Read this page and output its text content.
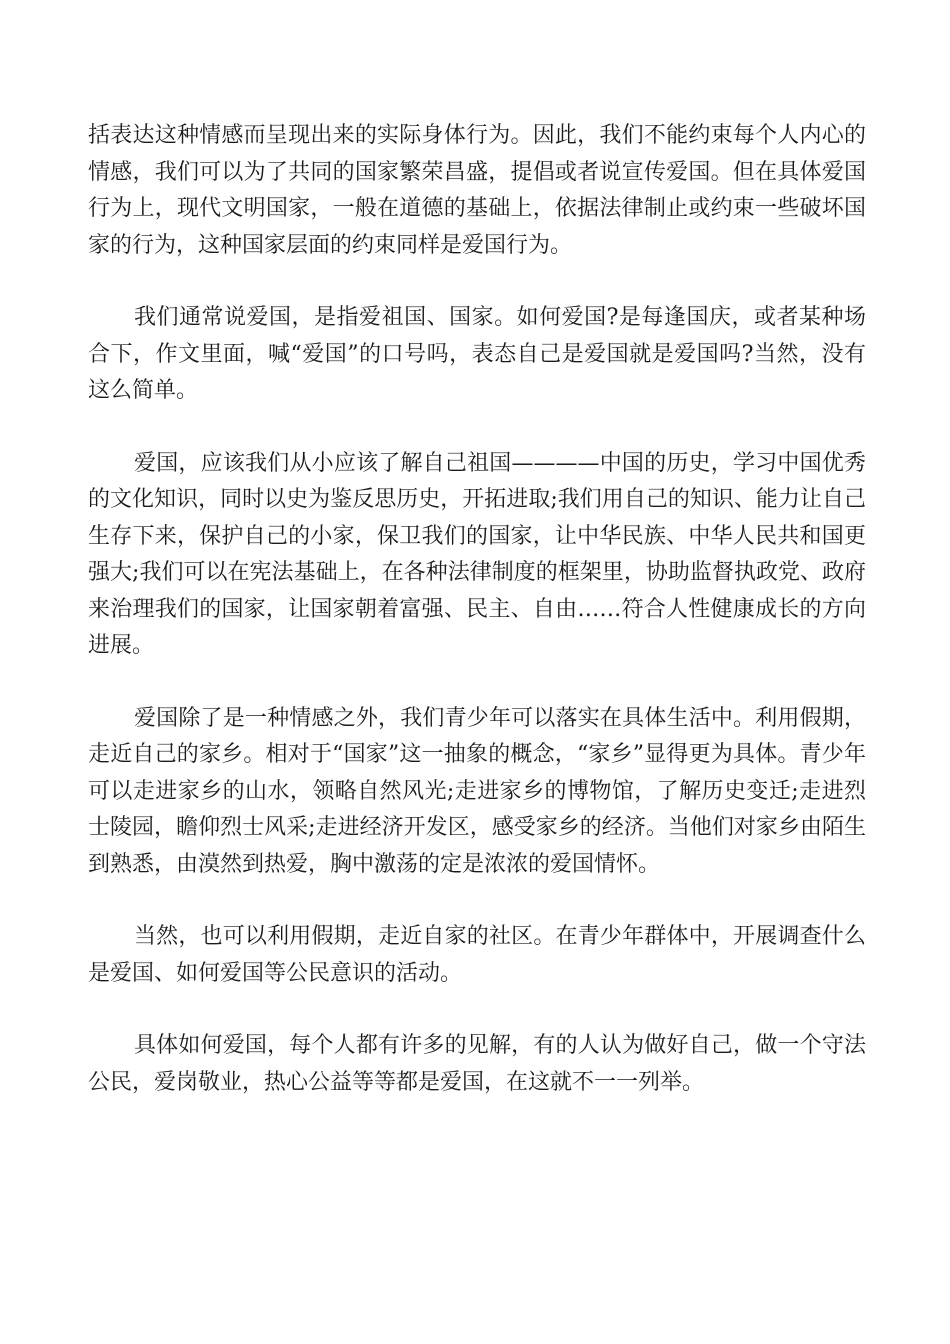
括表达这种情感而呈现出来的实际身体行为。因此，我们不能约束每个人内心的情感，我们可以为了共同的国家繁荣昌盛，提倡或者说宣传爱国。但在具体爱国行为上，现代文明国家，一般在道德的基础上，依据法律制止或约束一些破坏国家的行为，这种国家层面的约束同样是爱国行为。

我们通常说爱国，是指爱祖国、国家。如何爱国?是每逢国庆，或者某种场合下，作文里面，喊“爱国”的口号吗，表态自己是爱国就是爱国吗?当然，没有这么简单。

爱国，应该我们从小应该了解自己祖国————中国的历史，学习中国优秀的文化知识，同时以史为鉴反思历史，开拓进取;我们用自己的知识、能力让自己生存下来，保护自己的小家，保卫我们的国家，让中华民族、中华人民共和国更强大;我们可以在宪法基础上，在各种法律制度的框架里，协助监督执政党、政府来治理我们的国家，让国家朝着富强、民主、自由……符合人性健康成长的方向进展。

爱国除了是一种情感之外，我们青少年可以落实在具体生活中。利用假期，走近自己的家乡。相对于“国家”这一抽象的概念，“家乡”显得更为具体。青少年可以走进家乡的山水，领略自然风光;走进家乡的博物馆，了解历史变迁;走进烈士陵园，瞻仰烈士风采;走进经济开发区，感受家乡的经济。当他们对家乡由陌生到熟悉，由漠然到热爱，胸中激荡的定是浓浓的爱国情怀。

当然，也可以利用假期，走近自家的社区。在青少年群体中，开展调查什么是爱国、如何爱国等公民意识的活动。

具体如何爱国，每个人都有许多的见解，有的人认为做好自己，做一个守法公民，爱岗敬业，热心公益等等都是爱国，在这就不一一列举。
